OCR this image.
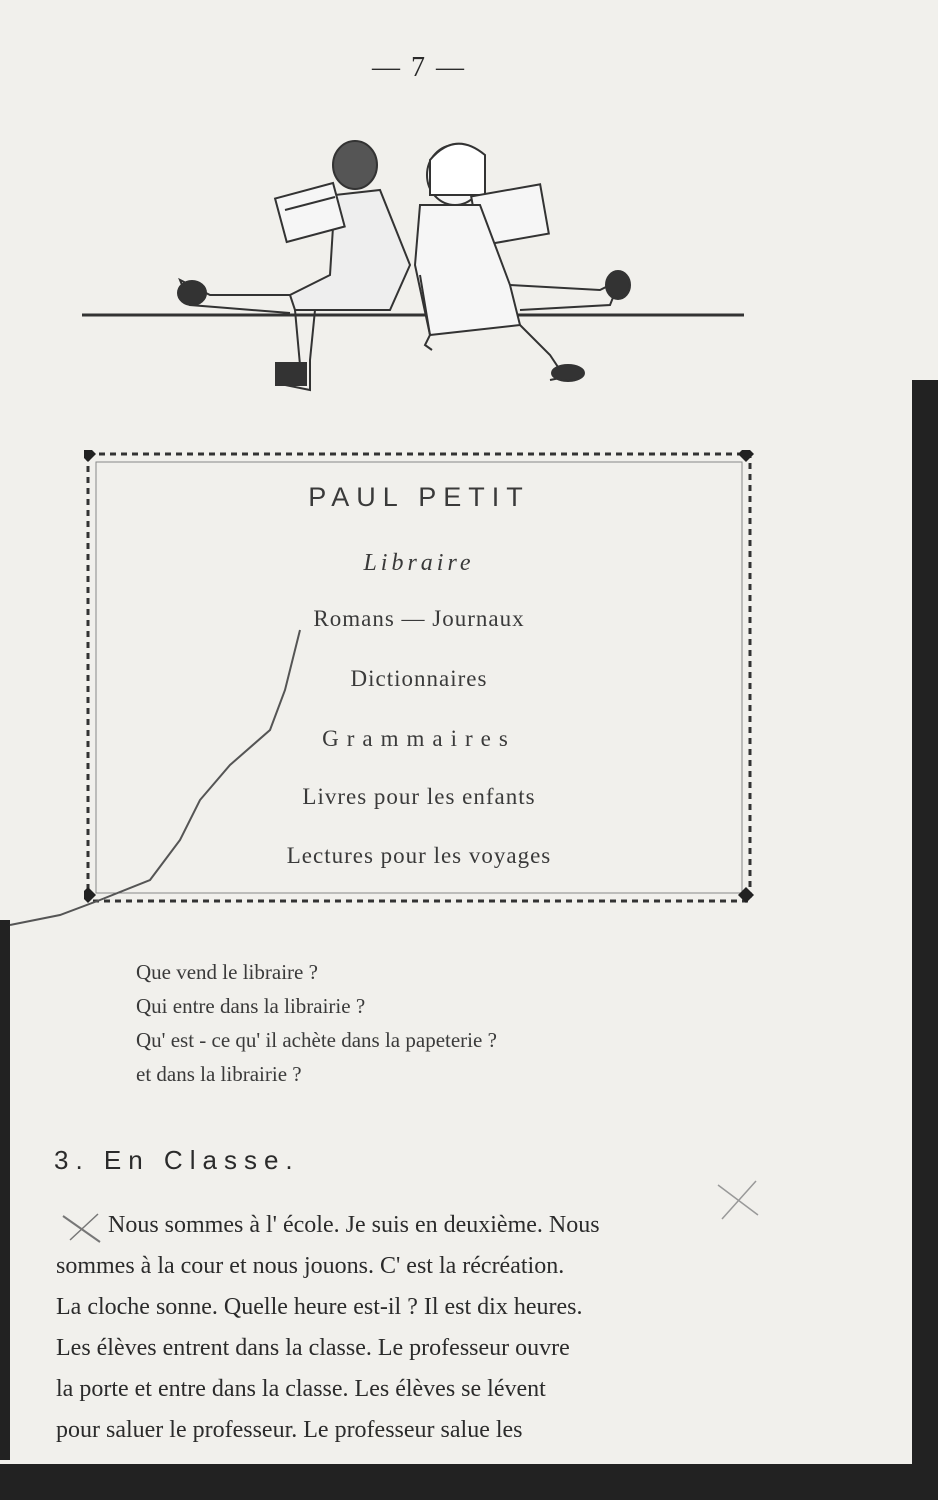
— 7 —
PAUL PETIT
Libraire
Romans — Journaux
Dictionnaires
Grammaires
Livres pour les enfants
Lectures pour les voyages
Que vend le libraire ?
Qui entre dans la librairie ?
Qu' est - ce qu' il achète dans la papeterie ?
et dans la librairie ?
3. En Classe.
Nous sommes à l' école. Je suis en deuxième. Nous
sommes à la cour et nous jouons. C' est la récréation.
La cloche sonne. Quelle heure est-il ? Il est dix heures.
Les élèves entrent dans la classe. Le professeur ouvre
la porte et entre dans la classe. Les élèves se lévent
pour saluer le professeur. Le professeur salue les
